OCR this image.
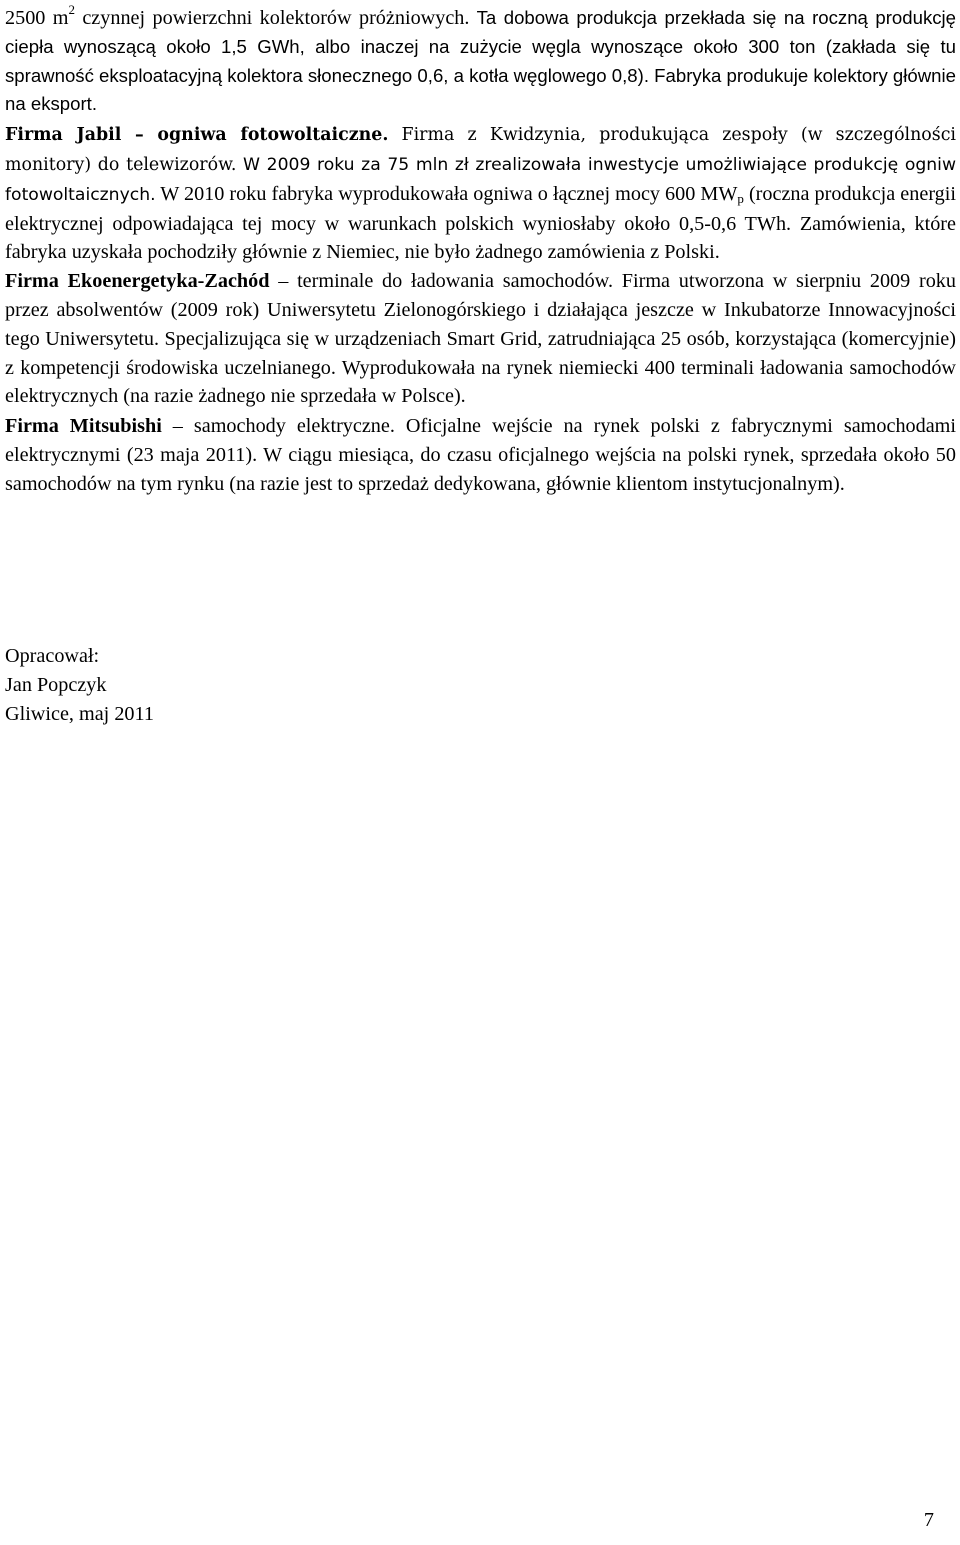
2500 $m^2$ czynnej powierzchni kolektorów próżniowych. Ta dobowa produkcja przekłada się na roczną produkcję ciepła wynoszącą około 1,5 GWh, albo inaczej na zużycie węgla wynoszące około 300 ton (zakłada się tu sprawność eksploatacyjną kolektora słonecznego 0,6, a kotła węglowego 0,8). Fabryka produkuje kolektory głównie na eksport.

Firma Jabil – ogniwa fotowoltaiczne. Firma z Kwidzynia, produkująca zespoły (w szczególności monitory) do telewizorów. W 2009 roku za 75 mln zł zrealizowała inwestycje umożliwiające produkcję ogniw fotowoltaicznych. W 2010 roku fabryka wyprodukowała ogniwa o łącznej mocy 600 $MW_p$ (roczna produkcja energii elektrycznej odpowiadająca tej mocy w warunkach polskich wyniosłaby około 0,5-0,6 TWh. Zamówienia, które fabryka uzyskała pochodziły głównie z Niemiec, nie było żadnego zamówienia z Polski.

Firma Ekoenergetyka-Zachód – terminale do ładowania samochodów. Firma utworzona w sierpniu 2009 roku przez absolwentów (2009 rok) Uniwersytetu Zielonogórskiego i działająca jeszcze w Inkubatorze Innowacyjności tego Uniwersytetu. Specjalizująca się w urządzeniach Smart Grid, zatrudniająca 25 osób, korzystająca (komercyjnie) z kompetencji środowiska uczelnianego. Wyprodukowała na rynek niemiecki 400 terminali ładowania samochodów elektrycznych (na razie żadnego nie sprzedała w Polsce).

Firma Mitsubishi – samochody elektryczne. Oficjalne wejście na rynek polski z fabrycznymi samochodami elektrycznymi (23 maja 2011). W ciągu miesiąca, do czasu oficjalnego wejścia na polski rynek, sprzedała około 50 samochodów na tym rynku (na razie jest to sprzedaż dedykowana, głównie klientom instytucjonalnym).

Opracował:
Jan Popczyk
Gliwice, maj 2011
7
